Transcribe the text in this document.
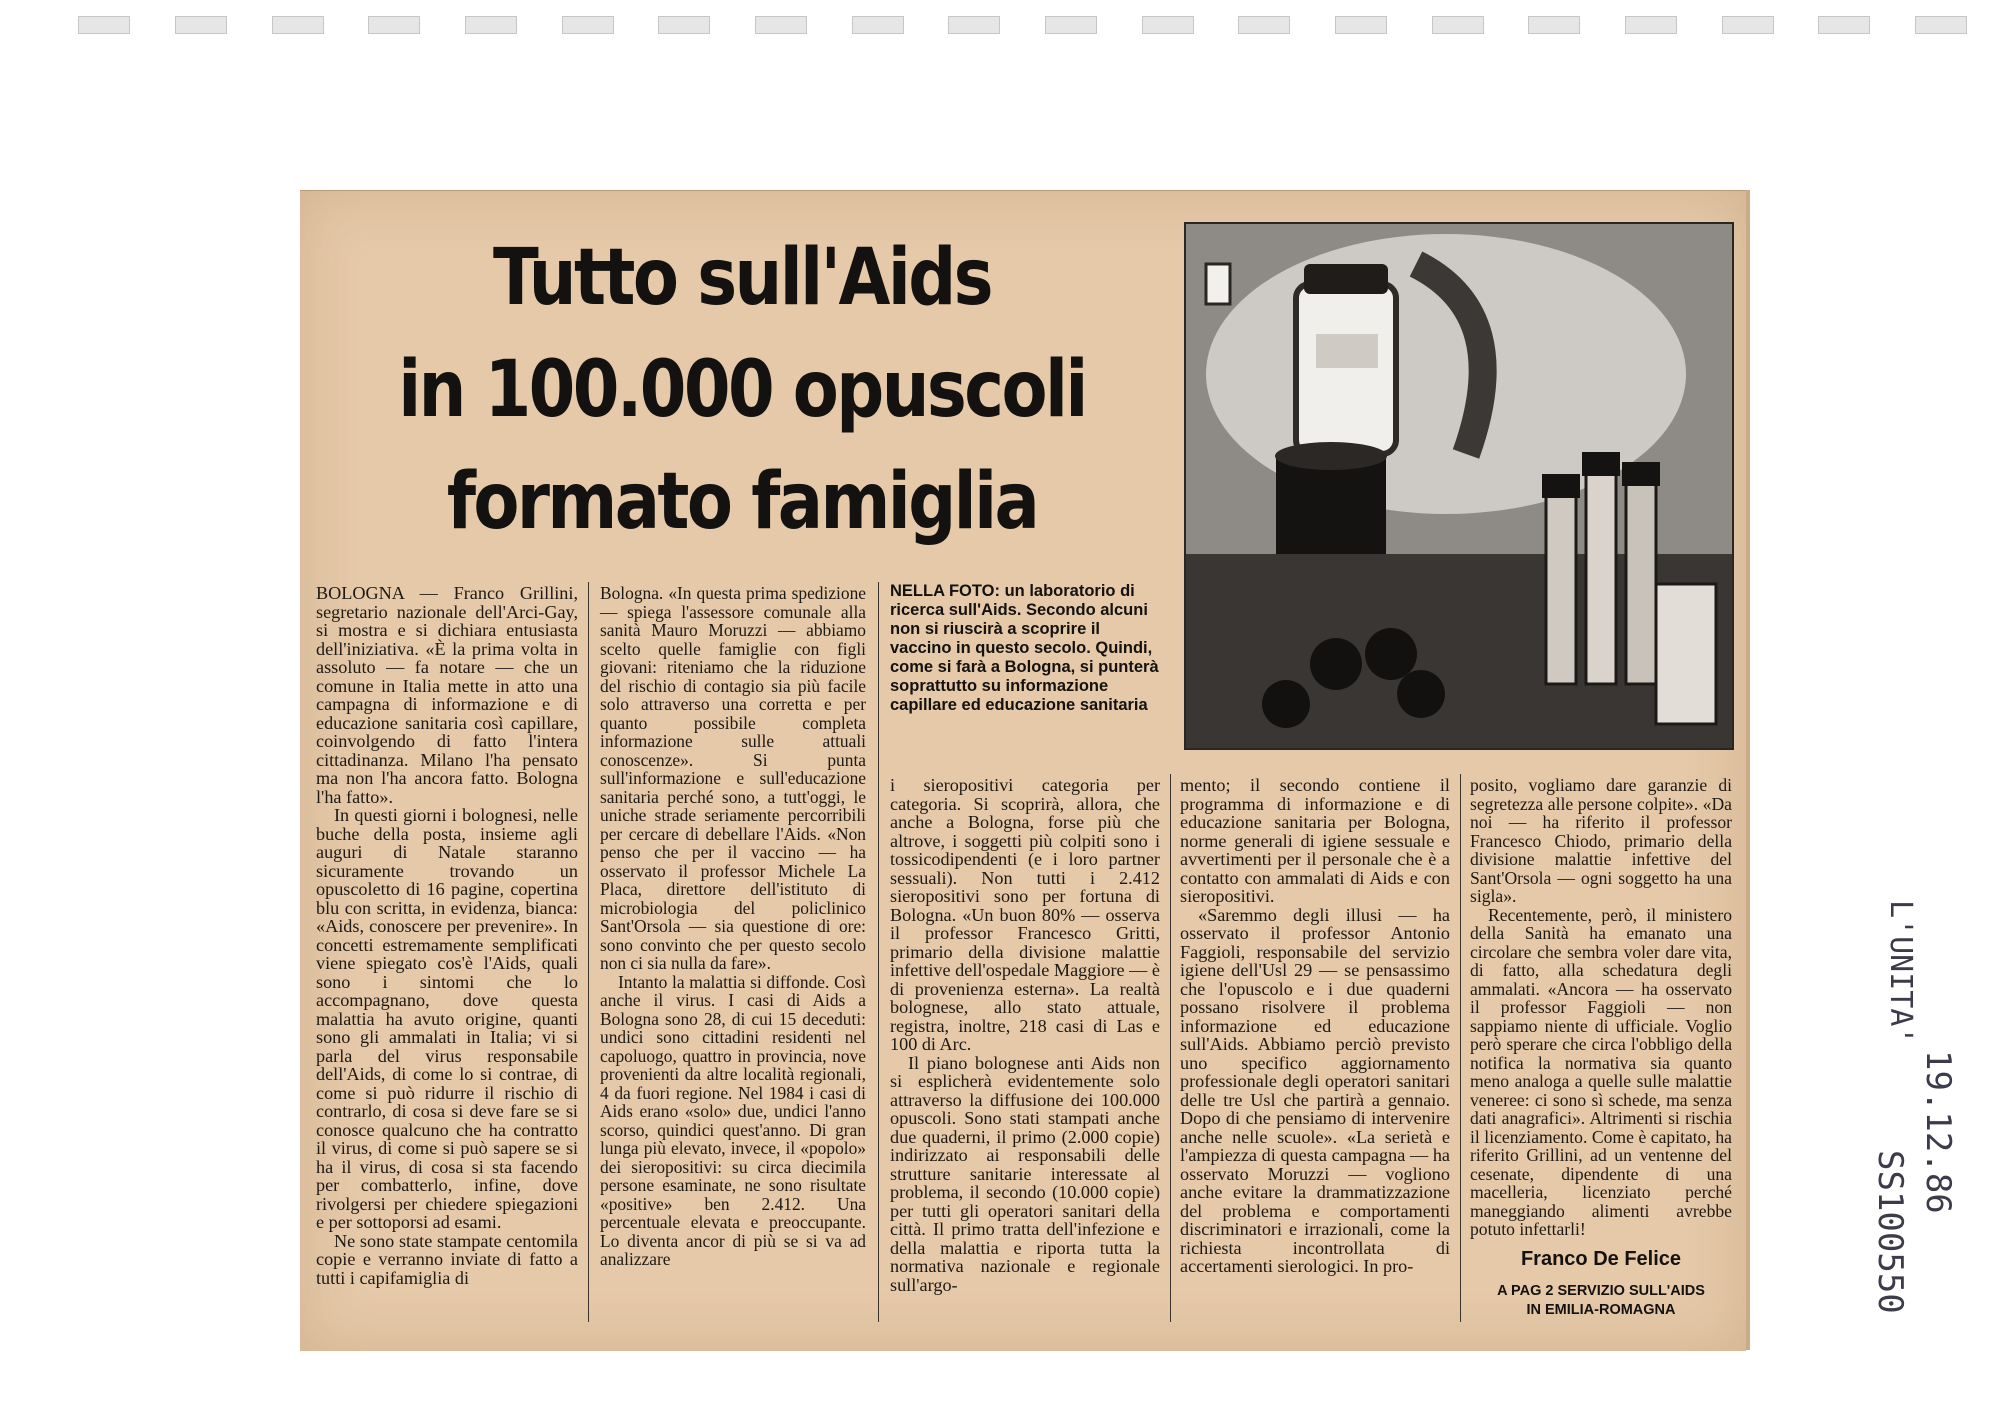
Tutto sull'Aids
in 100.000 opuscoli
formato famiglia

BOLOGNA — Franco Grillini, segretario nazionale dell'Arci-Gay, si mostra e si dichiara entusiasta dell'iniziativa. «È la prima volta in assoluto — fa notare — che un comune in Italia mette in atto una campagna di informazione e di educazione sanitaria così capillare, coinvolgendo di fatto l'intera cittadinanza. Milano l'ha pensato ma non l'ha ancora fatto. Bologna l'ha fatto».

In questi giorni i bolognesi, nelle buche della posta, insieme agli auguri di Natale staranno sicuramente trovando un opuscoletto di 16 pagine, copertina blu con scritta, in evidenza, bianca: «Aids, conoscere per prevenire». In concetti estremamente semplificati viene spiegato cos'è l'Aids, quali sono i sintomi che lo accompagnano, dove questa malattia ha avuto origine, quanti sono gli ammalati in Italia; vi si parla del virus responsabile dell'Aids, di come lo si contrae, di come si può ridurre il rischio di contrarlo, di cosa si deve fare se si conosce qualcuno che ha contratto il virus, di come si può sapere se si ha il virus, di cosa si sta facendo per combatterlo, infine, dove rivolgersi per chiedere spiegazioni e per sottoporsi ad esami.

Ne sono state stampate centomila copie e verranno inviate di fatto a tutti i capifamiglia di

Bologna. «In questa prima spedizione — spiega l'assessore comunale alla sanità Mauro Moruzzi — abbiamo scelto quelle famiglie con figli giovani: riteniamo che la riduzione del rischio di contagio sia più facile solo attraverso una corretta e per quanto possibile completa informazione sulle attuali conoscenze». Si punta sull'informazione e sull'educazione sanitaria perché sono, a tutt'oggi, le uniche strade seriamente percorribili per cercare di debellare l'Aids. «Non penso che per il vaccino — ha osservato il professor Michele La Placa, direttore dell'istituto di microbiologia del policlinico Sant'Orsola — sia questione di ore: sono convinto che per questo secolo non ci sia nulla da fare».

Intanto la malattia si diffonde. Così anche il virus. I casi di Aids a Bologna sono 28, di cui 15 deceduti: undici sono cittadini residenti nel capoluogo, quattro in provincia, nove provenienti da altre località regionali, 4 da fuori regione. Nel 1984 i casi di Aids erano «solo» due, undici l'anno scorso, quindici quest'anno. Di gran lunga più elevato, invece, il «popolo» dei sieropositivi: su circa diecimila persone esaminate, ne sono risultate «positive» ben 2.412. Una percentuale elevata e preoccupante. Lo diventa ancor di più se si va ad analizzare

NELLA FOTO: un laboratorio di ricerca sull'Aids. Secondo alcuni non si riuscirà a scoprire il vaccino in questo secolo. Quindi, come si farà a Bologna, si punterà soprattutto su informazione capillare ed educazione sanitaria

i sieropositivi categoria per categoria. Si scoprirà, allora, che anche a Bologna, forse più che altrove, i soggetti più colpiti sono i tossicodipendenti (e i loro partner sessuali). Non tutti i 2.412 sieropositivi sono per fortuna di Bologna. «Un buon 80% — osserva il professor Francesco Gritti, primario della divisione malattie infettive dell'ospedale Maggiore — è di provenienza esterna». La realtà bolognese, allo stato attuale, registra, inoltre, 218 casi di Las e 100 di Arc.

Il piano bolognese anti Aids non si esplicherà evidentemente solo attraverso la diffusione dei 100.000 opuscoli. Sono stati stampati anche due quaderni, il primo (2.000 copie) indirizzato ai responsabili delle strutture sanitarie interessate al problema, il secondo (10.000 copie) per tutti gli operatori sanitari della città. Il primo tratta dell'infezione e della malattia e riporta tutta la normativa nazionale e regionale sull'argo-

mento; il secondo contiene il programma di informazione e di educazione sanitaria per Bologna, norme generali di igiene sessuale e avvertimenti per il personale che è a contatto con ammalati di Aids e con sieropositivi.

«Saremmo degli illusi — ha osservato il professor Antonio Faggioli, responsabile del servizio igiene dell'Usl 29 — se pensassimo che l'opuscolo e i due quaderni possano risolvere il problema informazione ed educazione sull'Aids. Abbiamo perciò previsto uno specifico aggiornamento professionale degli operatori sanitari delle tre Usl che partirà a gennaio. Dopo di che pensiamo di intervenire anche nelle scuole». «La serietà e l'ampiezza di questa campagna — ha osservato Moruzzi — vogliono anche evitare la drammatizzazione del problema e comportamenti discriminatori e irrazionali, come la richiesta incontrollata di accertamenti sierologici. In pro-

posito, vogliamo dare garanzie di segretezza alle persone colpite». «Da noi — ha riferito il professor Francesco Chiodo, primario della divisione malattie infettive del Sant'Orsola — ogni soggetto ha una sigla».

Recentemente, però, il ministero della Sanità ha emanato una circolare che sembra voler dare vita, di fatto, alla schedatura degli ammalati. «Ancora — ha osservato il professor Faggioli — non sappiamo niente di ufficiale. Voglio però sperare che circa l'obbligo della notifica la normativa sia quanto meno analoga a quelle sulle malattie veneree: ci sono sì schede, ma senza dati anagrafici». Altrimenti si rischia il licenziamento. Come è capitato, ha riferito Grillini, ad un ventenne del cesenate, dipendente di una macelleria, licenziato perché maneggiando alimenti avrebbe potuto infettarli!

Franco De Felice
A PAG 2 SERVIZIO SULL'AIDS
IN EMILIA-ROMAGNA
L'UNITA'
19.12.86
SS100550
